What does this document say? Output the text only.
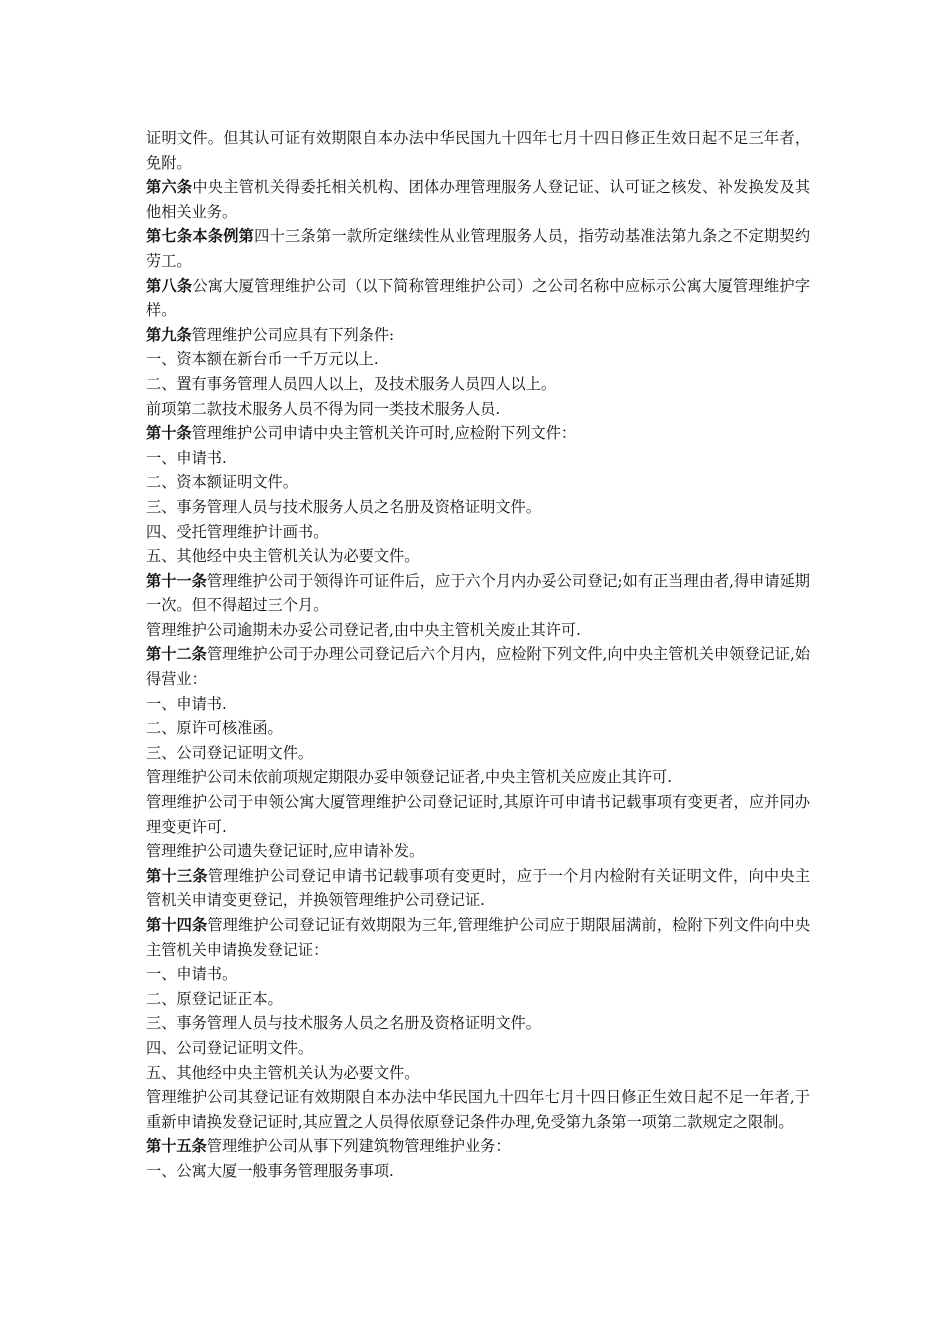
证明文件。但其认可证有效期限自本办法中华民国九十四年七月十四日修正生效日起不足三年者，免附。

第六条中央主管机关得委托相关机构、团体办理管理服务人登记证、认可证之核发、补发换发及其他相关业务。

第七条本条例第四十三条第一款所定继续性从业管理服务人员，指劳动基准法第九条之不定期契约劳工。

第八条公寓大厦管理维护公司（以下简称管理维护公司）之公司名称中应标示公寓大厦管理维护字样。

第九条管理维护公司应具有下列条件:

一、资本额在新台币一千万元以上.

二、置有事务管理人员四人以上，及技术服务人员四人以上。

前项第二款技术服务人员不得为同一类技术服务人员.

第十条管理维护公司申请中央主管机关许可时,应检附下列文件：

一、申请书.

二、资本额证明文件。

三、事务管理人员与技术服务人员之名册及资格证明文件。

四、受托管理维护计画书。

五、其他经中央主管机关认为必要文件。

第十一条管理维护公司于领得许可证件后，应于六个月内办妥公司登记;如有正当理由者,得申请延期一次。但不得超过三个月。

管理维护公司逾期未办妥公司登记者,由中央主管机关废止其许可.

第十二条管理维护公司于办理公司登记后六个月内，应检附下列文件,向中央主管机关申领登记证,始得营业：

一、申请书.

二、原许可核准函。

三、公司登记证明文件。

管理维护公司未依前项规定期限办妥申领登记证者,中央主管机关应废止其许可.

管理维护公司于申领公寓大厦管理维护公司登记证时,其原许可申请书记载事项有变更者，应并同办理变更许可.

管理维护公司遗失登记证时,应申请补发。

第十三条管理维护公司登记申请书记载事项有变更时，应于一个月内检附有关证明文件，向中央主管机关申请变更登记，并换领管理维护公司登记证.

第十四条管理维护公司登记证有效期限为三年,管理维护公司应于期限届满前，检附下列文件向中央主管机关申请换发登记证：

一、申请书。

二、原登记证正本。

三、事务管理人员与技术服务人员之名册及资格证明文件。

四、公司登记证明文件。

五、其他经中央主管机关认为必要文件。

管理维护公司其登记证有效期限自本办法中华民国九十四年七月十四日修正生效日起不足一年者,于重新申请换发登记证时,其应置之人员得依原登记条件办理,免受第九条第一项第二款规定之限制。

第十五条管理维护公司从事下列建筑物管理维护业务：

一、公寓大厦一般事务管理服务事项.
